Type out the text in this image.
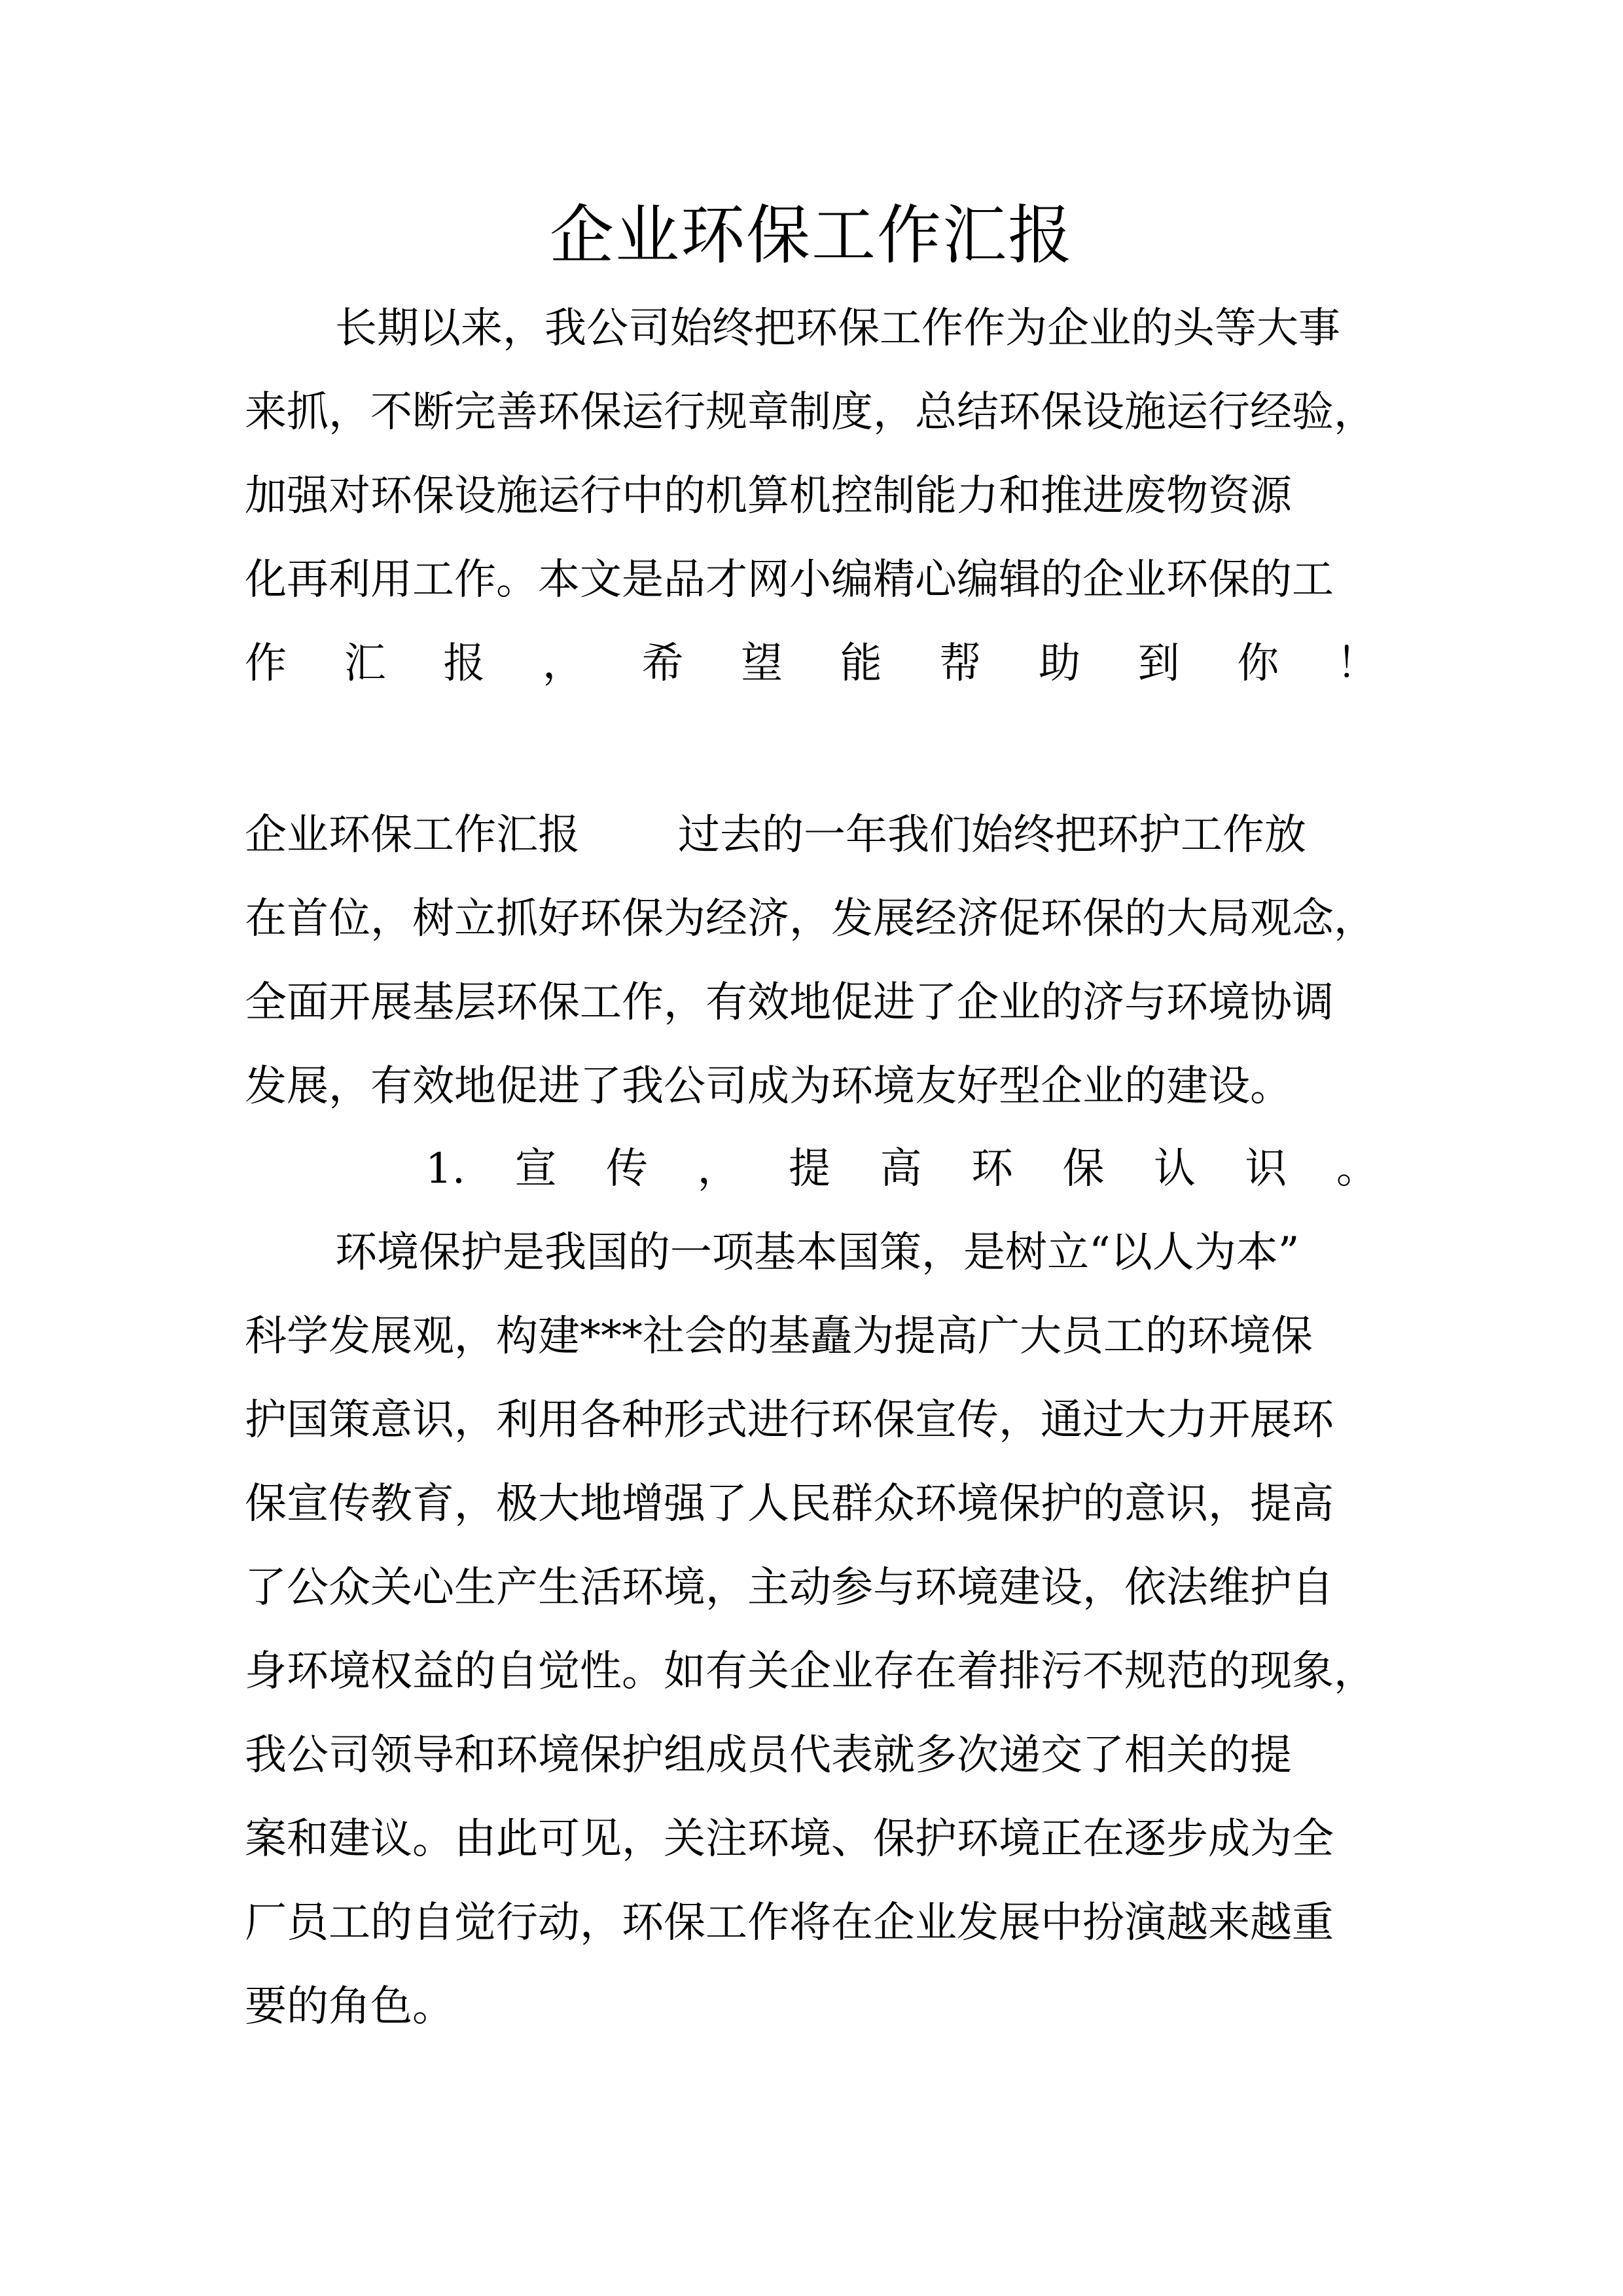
企业环保工作汇报
长期以来，我公司始终把环保工作作为企业的头等大事
来抓，不断完善环保运行规章制度，总结环保设施运行经验，
加强对环保设施运行中的机算机控制能力和推进废物资源
化再利用工作。本文是品才网小编精心编辑的企业环保的工
作 汇 报 ， 希 望 能 帮 助 到 你 ！
企业环保工作汇报 过去的一年我们始终把环护工作放
在首位，树立抓好环保为经济，发展经济促环保的大局观念，
全面开展基层环保工作，有效地促进了企业的济与环境协调
发展，有效地促进了我公司成为环境友好型企业的建设。
1. 宣 传 ， 提 高 环 保 认 识 。
环境保护是我国的一项基本国策，是树立“以人为本”
科学发展观，构建***社会的基矗为提高广大员工的环境保
护国策意识，利用各种形式进行环保宣传，通过大力开展环
保宣传教育，极大地增强了人民群众环境保护的意识，提高
了公众关心生产生活环境，主动参与环境建设，依法维护自
身环境权益的自觉性。如有关企业存在着排污不规范的现象，
我公司领导和环境保护组成员代表就多次递交了相关的提
案和建议。由此可见，关注环境、保护环境正在逐步成为全
厂员工的自觉行动，环保工作将在企业发展中扮演越来越重
要的角色。
